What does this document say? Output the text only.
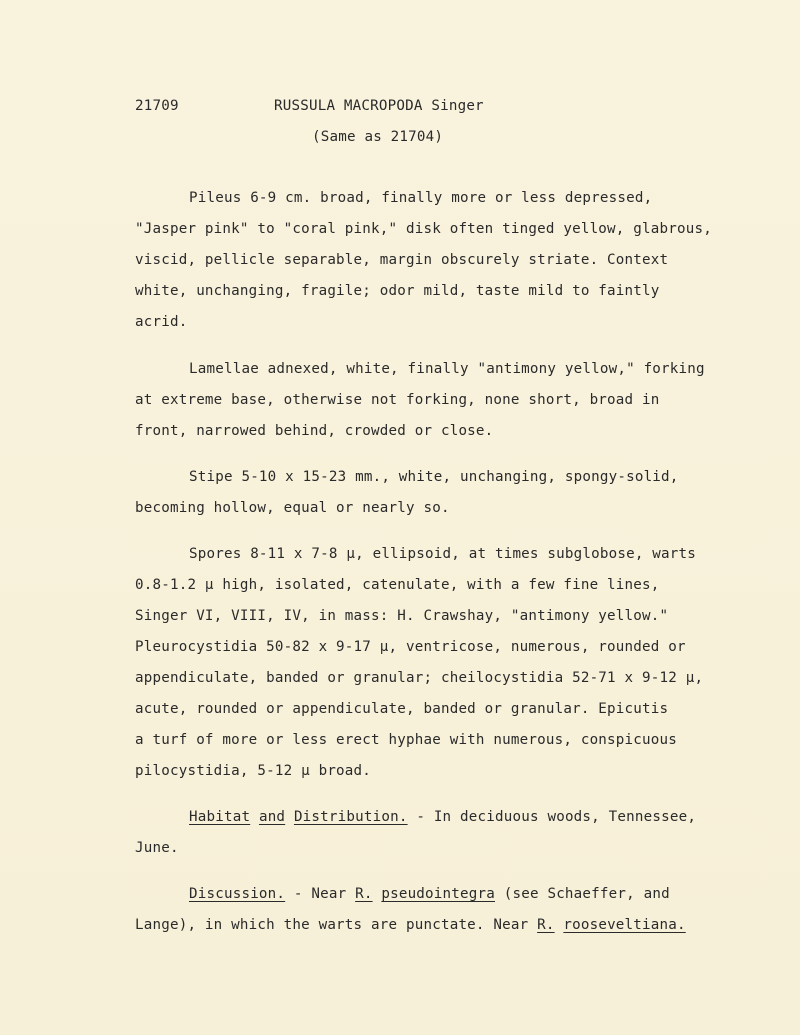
21709	RUSSULA MACROPODA Singer
(Same as 21704)
Pileus 6-9 cm. broad, finally more or less depressed,
"Jasper pink" to "coral pink," disk often tinged yellow, glabrous,
viscid, pellicle separable, margin obscurely striate. Context
white, unchanging, fragile; odor mild, taste mild to faintly
acrid.
Lamellae adnexed, white, finally "antimony yellow," forking
at extreme base, otherwise not forking, none short, broad in
front, narrowed behind, crowded or close.
Stipe 5-10 x 15-23 mm., white, unchanging, spongy-solid,
becoming hollow, equal or nearly so.
Spores 8-11 x 7-8 µ, ellipsoid, at times subglobose, warts
0.8-1.2 µ high, isolated, catenulate, with a few fine lines,
Singer VI, VIII, IV, in mass: H. Crawshay, "antimony yellow."
Pleurocystidia 50-82 x 9-17 µ, ventricose, numerous, rounded or
appendiculate, banded or granular; cheilocystidia 52-71 x 9-12 µ,
acute, rounded or appendiculate, banded or granular. Epicutis
a turf of more or less erect hyphae with numerous, conspicuous
pilocystidia, 5-12 µ broad.
Habitat and Distribution. - In deciduous woods, Tennessee,
June.
Discussion. - Near R. pseudointegra (see Schaeffer, and
Lange), in which the warts are punctate. Near R. rooseveltiana.
